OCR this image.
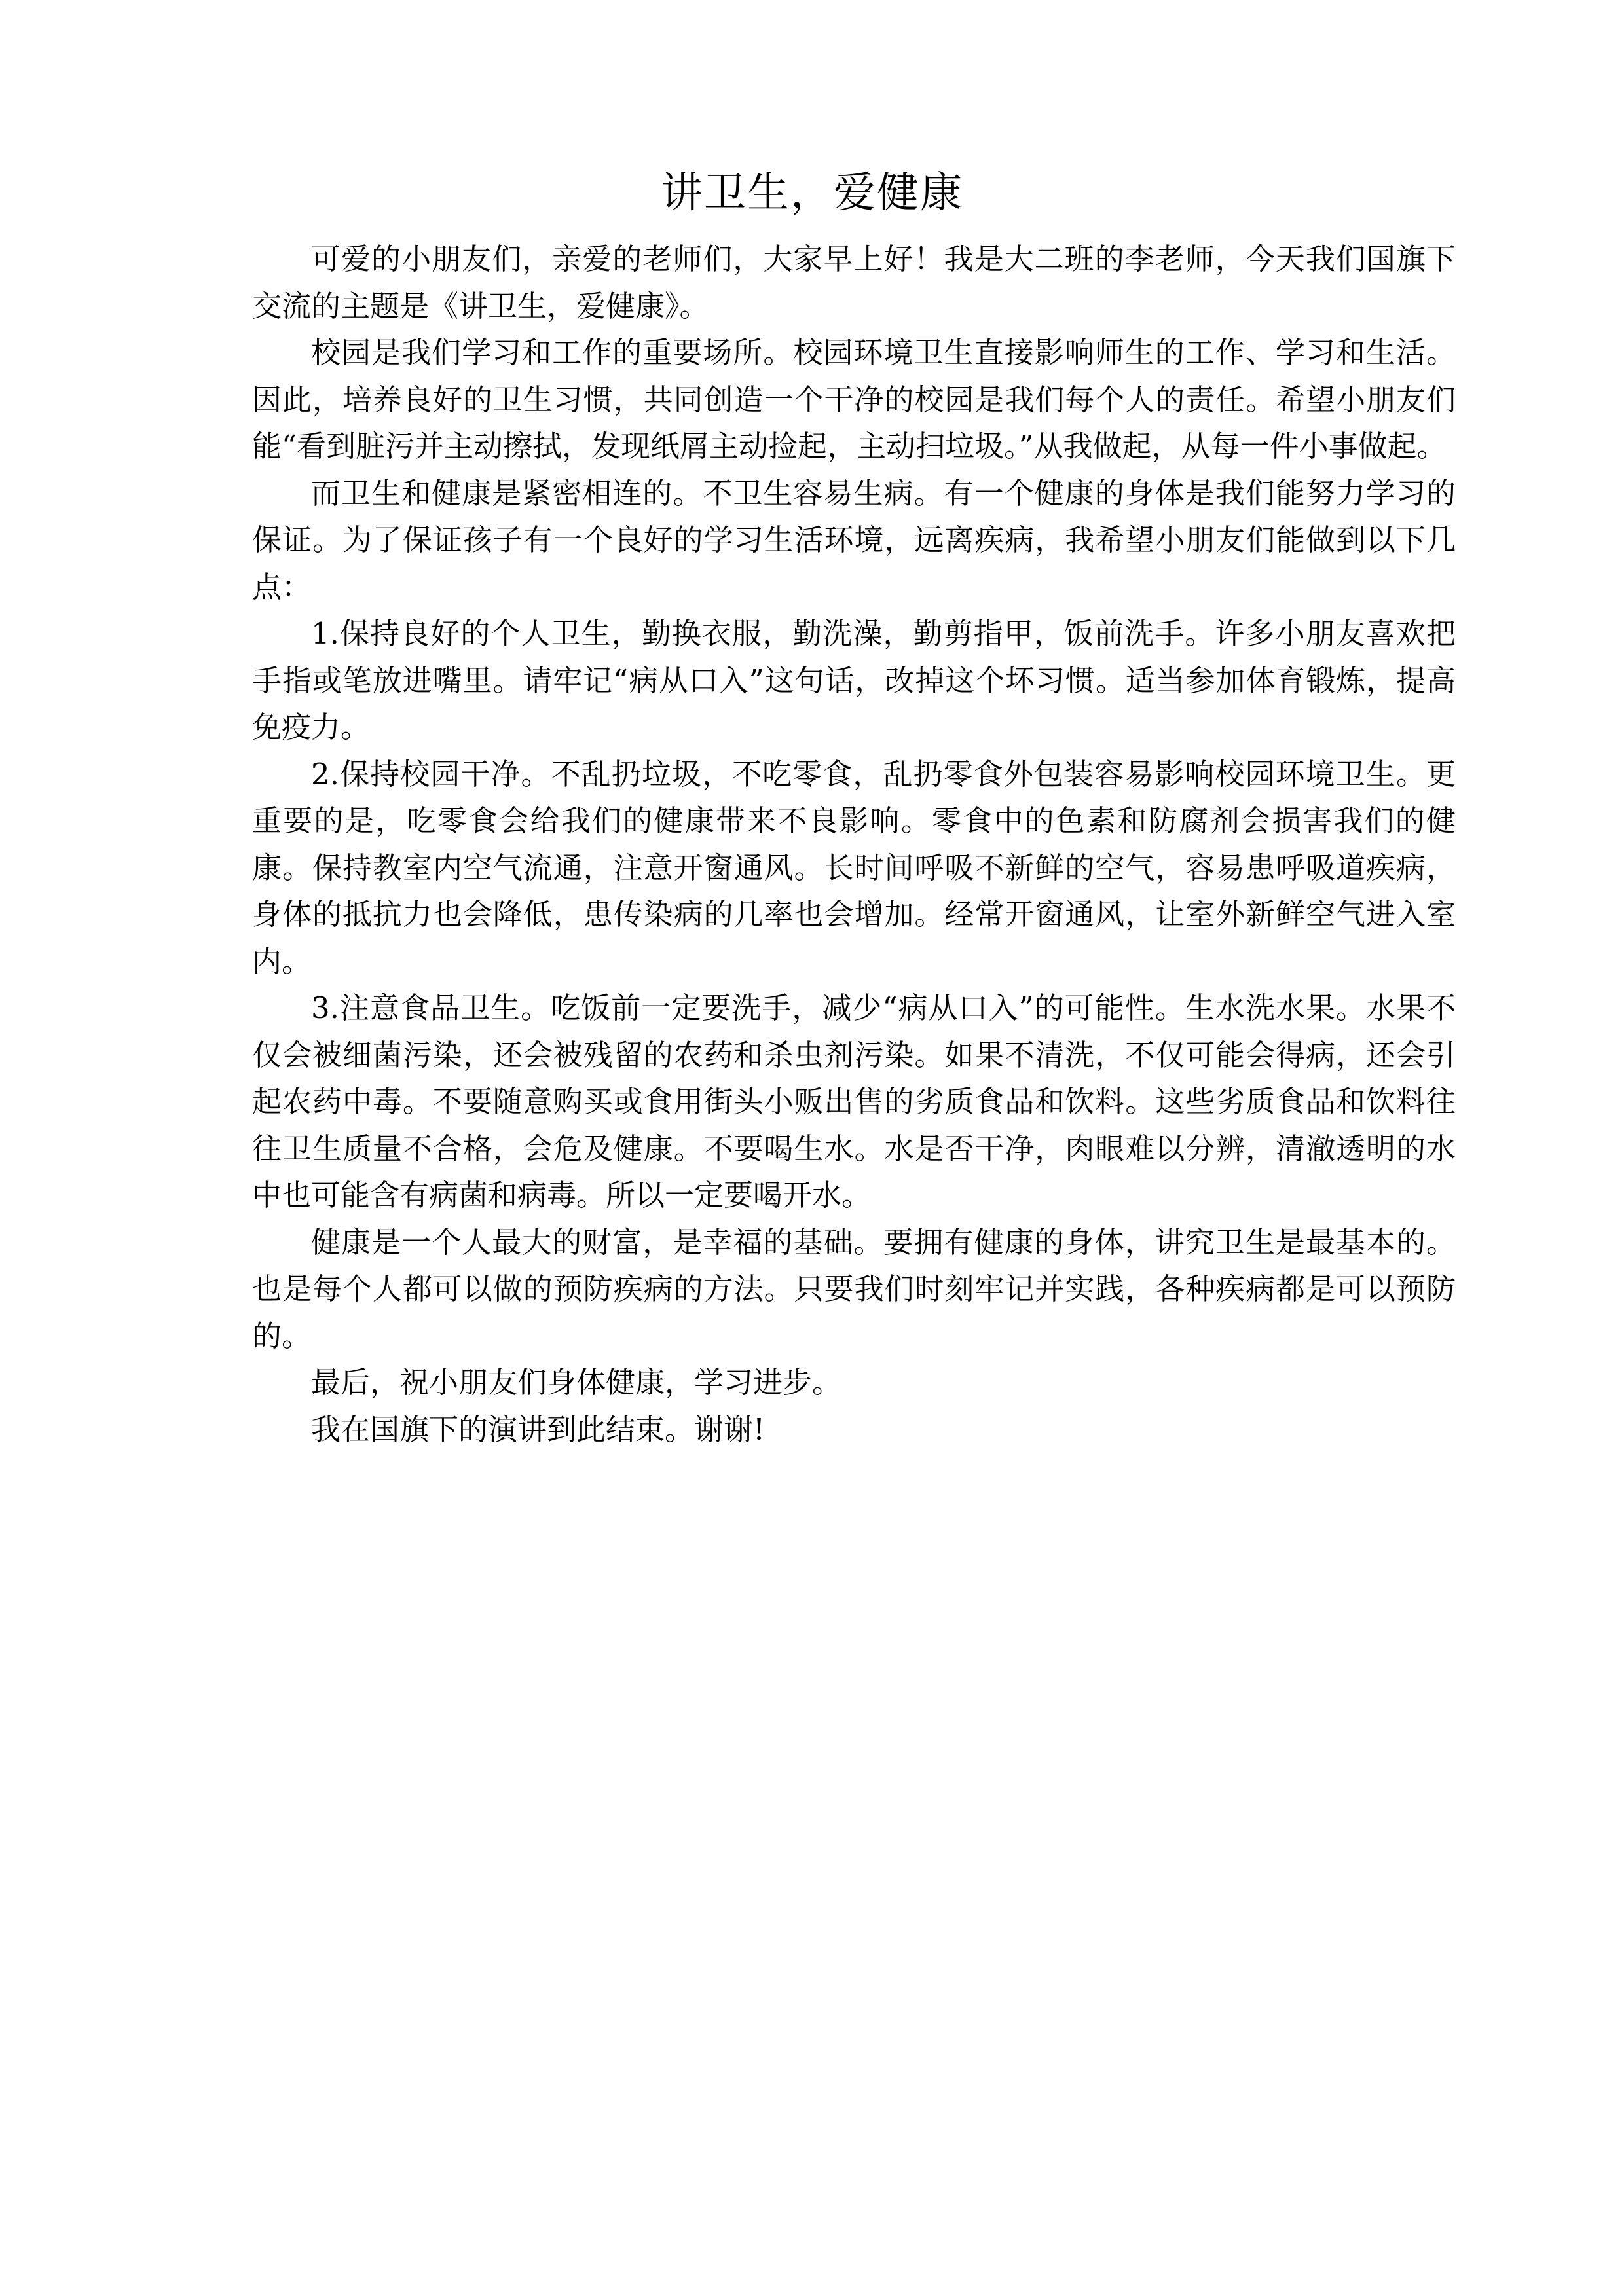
讲卫生，爱健康

可爱的小朋友们，亲爱的老师们，大家早上好！我是大二班的李老师，今天我们国旗下交流的主题是《讲卫生，爱健康》。

校园是我们学习和工作的重要场所。校园环境卫生直接影响师生的工作、学习和生活。因此，培养良好的卫生习惯，共同创造一个干净的校园是我们每个人的责任。希望小朋友们能“看到脏污并主动擦拭，发现纸屑主动捡起，主动扫垃圾。”从我做起，从每一件小事做起。

而卫生和健康是紧密相连的。不卫生容易生病。有一个健康的身体是我们能努力学习的保证。为了保证孩子有一个良好的学习生活环境，远离疾病，我希望小朋友们能做到以下几点：

1.保持良好的个人卫生，勤换衣服，勤洗澡，勤剪指甲，饭前洗手。许多小朋友喜欢把手指或笔放进嘴里。请牢记“病从口入”这句话，改掉这个坏习惯。适当参加体育锻炼，提高免疫力。

2.保持校园干净。不乱扔垃圾，不吃零食，乱扔零食外包装容易影响校园环境卫生。更重要的是，吃零食会给我们的健康带来不良影响。零食中的色素和防腐剂会损害我们的健康。保持教室内空气流通，注意开窗通风。长时间呼吸不新鲜的空气，容易患呼吸道疾病，身体的抵抗力也会降低，患传染病的几率也会增加。经常开窗通风，让室外新鲜空气进入室内。

3.注意食品卫生。吃饭前一定要洗手，减少“病从口入”的可能性。生水洗水果。水果不仅会被细菌污染，还会被残留的农药和杀虫剂污染。如果不清洗，不仅可能会得病，还会引起农药中毒。不要随意购买或食用街头小贩出售的劣质食品和饮料。这些劣质食品和饮料往往卫生质量不合格，会危及健康。不要喝生水。水是否干净，肉眼难以分辨，清澈透明的水中也可能含有病菌和病毒。所以一定要喝开水。

健康是一个人最大的财富，是幸福的基础。要拥有健康的身体，讲究卫生是最基本的。也是每个人都可以做的预防疾病的方法。只要我们时刻牢记并实践，各种疾病都是可以预防的。

最后，祝小朋友们身体健康，学习进步。

我在国旗下的演讲到此结束。谢谢!
